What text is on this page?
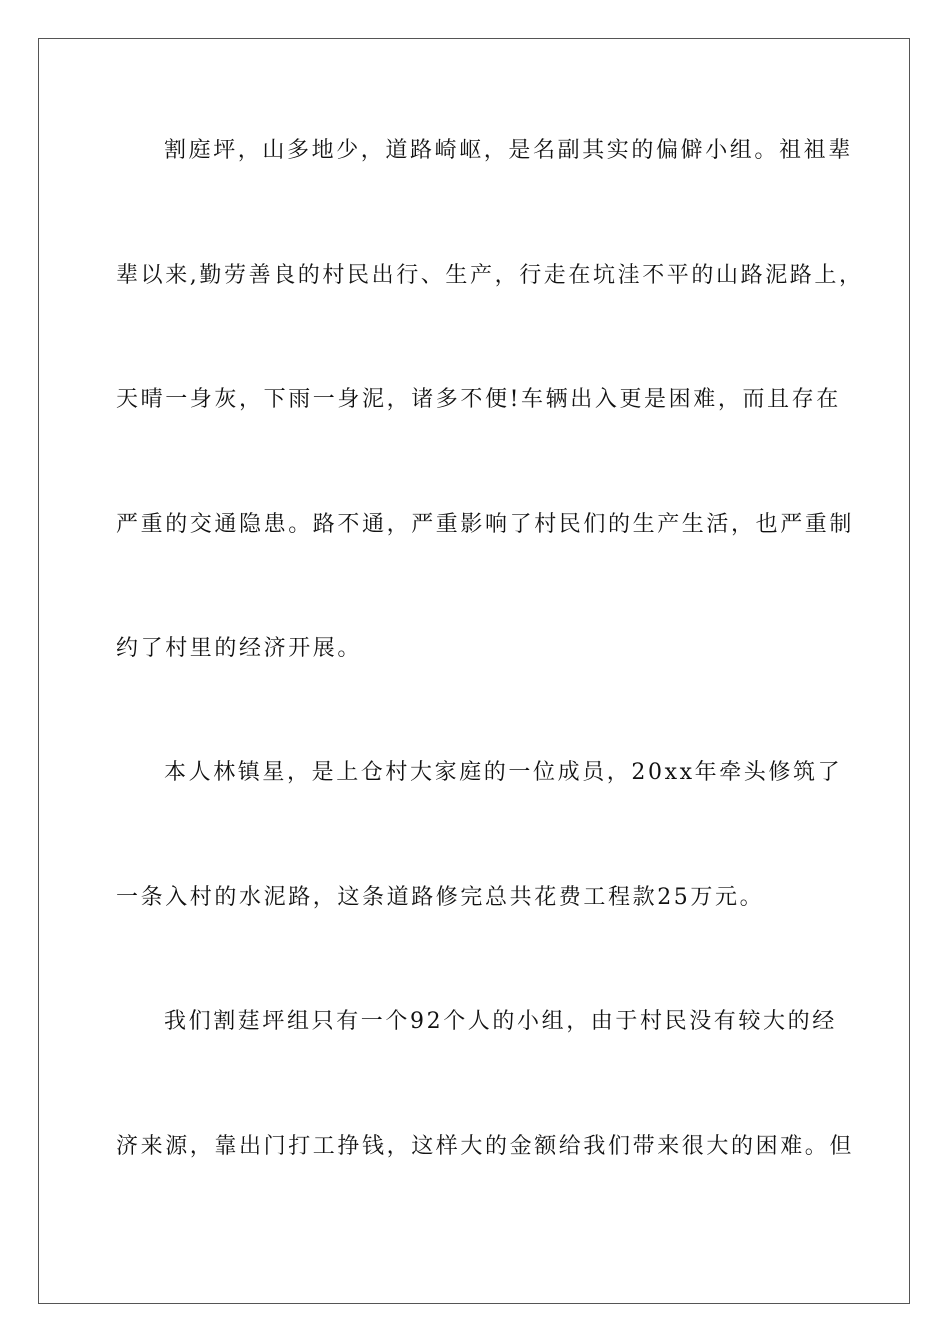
割庭坪，山多地少，道路崎岖，是名副其实的偏僻小组。祖祖辈
辈以来,勤劳善良的村民出行、生产，行走在坑洼不平的山路泥路上，
天晴一身灰，下雨一身泥，诸多不便!车辆出入更是困难，而且存在
严重的交通隐患。路不通，严重影响了村民们的生产生活，也严重制
约了村里的经济开展。
本人林镇星，是上仓村大家庭的一位成员，20xx年牵头修筑了
一条入村的水泥路，这条道路修完总共花费工程款25万元。
我们割莛坪组只有一个92个人的小组，由于村民没有较大的经
济来源，靠出门打工挣钱，这样大的金额给我们带来很大的困难。但
